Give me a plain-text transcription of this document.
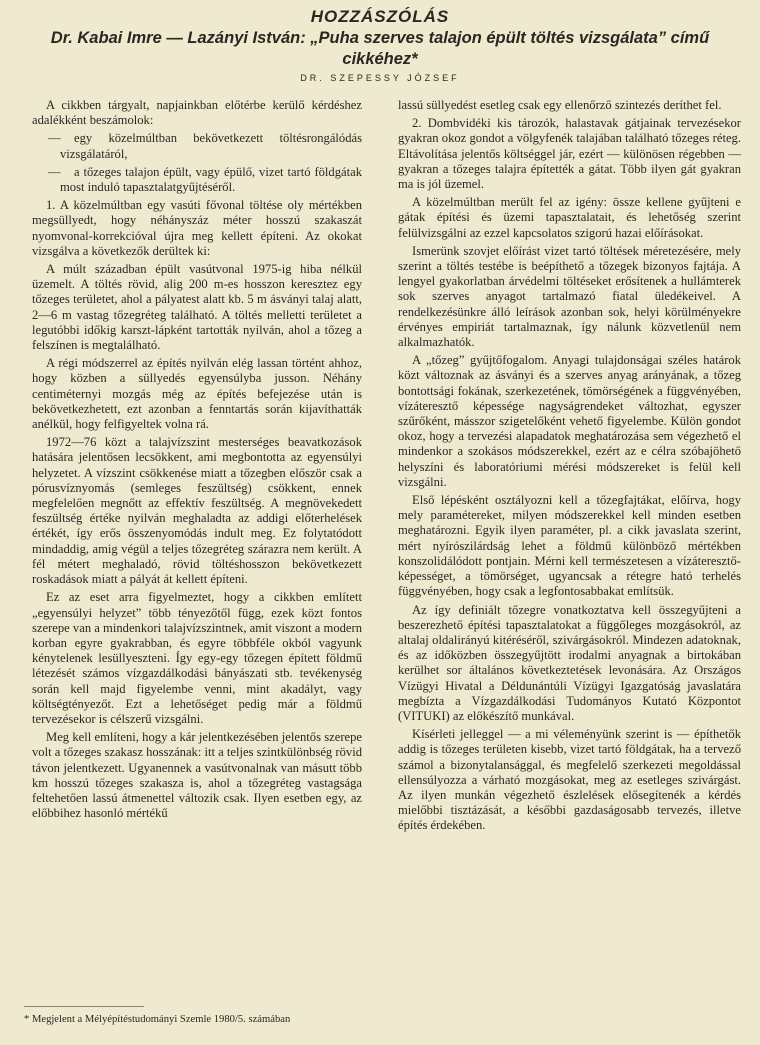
HOZZÁSZÓLÁS

Dr. Kabai Imre — Lazányi István: „Puha szerves talajon épült töltés vizsgálata” című cikkéhez*

DR. SZEPESSY JÓZSEF

A cikkben tárgyalt, napjainkban előtérbe kerülő kérdéshez adalékként beszámolok:

— egy közelmúltban bekövetkezett töltésrongálódás vizsgálatáról,

— a tőzeges talajon épült, vagy épülő, vizet tartó földgátak most induló tapasztalatgyűjtéséről.

1. A közelmúltban egy vasúti fővonal töltése oly mértékben megsüllyedt, hogy néhányszáz méter hosszú szakaszát nyomvonal-korrekcióval újra meg kellett építeni. Az okokat vizsgálva a következők derültek ki:

A múlt században épült vasútvonal 1975-ig hiba nélkül üzemelt. A töltés rövid, alig 200 m-es hosszon keresztez egy tőzeges területet, ahol a pályatest alatt kb. 5 m ásványi talaj alatt, 2—6 m vastag tőzegréteg található. A töltés melletti területet a legutóbbi időkig karszt-lápként tartották nyilván, ahol a tőzeg a felszínen is megtalálható.

A régi módszerrel az építés nyilván elég lassan történt ahhoz, hogy közben a süllyedés egyensúlyba jusson. Néhány centiméternyi mozgás még az építés befejezése után is bekövetkezhetett, ezt azonban a fenntartás során kijavíthatták anélkül, hogy felfigyeltek volna rá.

1972—76 közt a talajvízszint mesterséges beavatkozások hatására jelentősen lecsökkent, ami megbontotta az egyensúlyi helyzetet. A vízszint csökkenése miatt a tőzegben először csak a pórusvíznyomás (semleges feszültség) csökkent, ennek megfelelően megnőtt az effektív feszültség. A megnövekedett feszültség értéke nyilván meghaladta az addigi előterhelések értékét, így erős összenyomódás indult meg. Ez folytatódott mindaddig, amig végül a teljes tőzegréteg szárazra nem került. A fél métert meghaladó, rövid töltéshosszon bekövetkezett roskadások miatt a pályát át kellett építeni.

Ez az eset arra figyelmeztet, hogy a cikkben említett „egyensúlyi helyzet” több tényezőtől függ, ezek közt fontos szerepe van a mindenkori talajvízszintnek, amit viszont a modern korban egyre gyakrabban, és egyre többféle okból vagyunk kénytelenek lesüllyeszteni. Így egy-egy tőzegen épített földmű létezését számos vízgazdálkodási bányászati stb. tevékenység során kell majd figyelembe venni, mint akadályt, vagy költségtényezőt. Ezt a lehetőséget pedig már a földmű tervezésekor is célszerű vizsgálni.

Meg kell említeni, hogy a kár jelentkezésében jelentős szerepe volt a tőzeges szakasz hosszának: itt a teljes szintkülönbség rövid távon jelentkezett. Ugyanennek a vasútvonalnak van másutt több km hosszú tőzeges szakasza is, ahol a tőzegréteg vastagsága feltehetően lassú átmenettel változik csak. Ilyen esetben egy, az előbbihez hasonló mértékű

* Megjelent a Mélyépítéstudományi Szemle 1980/5. számában

lassú süllyedést esetleg csak egy ellenőrző szintezés deríthet fel.

2. Dombvidéki kis tározók, halastavak gátjainak tervezésekor gyakran okoz gondot a völgyfenék talajában található tőzeges réteg. Eltávolítása jelentős költséggel jár, ezért — különösen régebben — gyakran a tőzeges talajra építették a gátat. Több ilyen gát gyakran ma is jól üzemel.

A közelmúltban merült fel az igény: össze kellene gyűjteni e gátak építési és üzemi tapasztalatait, és lehetőség szerint felülvizsgálni az ezzel kapcsolatos szigorú hazai előírásokat.

Ismerünk szovjet előírást vizet tartó töltések méretezésére, mely szerint a töltés testébe is beépíthető a tőzegek bizonyos fajtája. A lengyel gyakorlatban árvédelmi töltéseket erősítenek a hullámterek sok szerves anyagot tartalmazó fiatal üledékeivel. A rendelkezésünkre álló leírások azonban sok, helyi körülményekre érvényes empiriát tartalmaznak, így nálunk közvetlenül nem alkalmazhatók.

A „tőzeg” gyűjtőfogalom. Anyagi tulajdonságai széles határok közt változnak az ásványi és a szerves anyag arányának, a tőzeg bontottsági fokának, szerkezetének, tömörségének a függvényében, vízáteresztő képessége nagyságrendeket változhat, egyszer szűrőként, másszor szigetelőként vehető figyelembe. Külön gondot okoz, hogy a tervezési alapadatok meghatározása sem végezhető el mindenkor a szokásos módszerekkel, ezért az e célra szóbajöhető helyszíni és laboratóriumi mérési módszereket is felül kell vizsgálni.

Első lépésként osztályozni kell a tőzegfajtákat, előírva, hogy mely paramétereket, milyen módszerekkel kell minden esetben meghatározni. Egyik ilyen paraméter, pl. a cikk javaslata szerint, mért nyírószilárdság lehet a földmű különböző mértékben konszolidálódott pontjain. Mérni kell természetesen a vízáteresztő-képességet, a tömörséget, ugyancsak a rétegre ható terhelés függvényében, hogy csak a legfontosabbakat említsük.

Az így definiált tőzegre vonatkoztatva kell összegyűjteni a beszerezhető építési tapasztalatokat a függőleges mozgásokról, az altalaj oldalirányú kitéréséről, szivárgásokról. Mindezen adatoknak, és az időközben összegyűjtött irodalmi anyagnak a birtokában kerülhet sor általános következtetések levonására. Az Országos Vízügyi Hivatal a Déldunántúli Vízügyi Igazgatóság javaslatára megbízta a Vízgazdálkodási Tudományos Kutató Központot (VITUKI) az előkészítő munkával.

Kísérleti jelleggel — a mi véleményünk szerint is — építhetők addig is tőzeges területen kisebb, vizet tartó földgátak, ha a tervező számol a bizonytalansággal, és megfelelő szerkezeti megoldással ellensúlyozza a várható mozgásokat, meg az esetleges szivárgást. Az ilyen munkán végezhető észlelések elősegítenék a kérdés mielőbbi tisztázását, a későbbi gazdaságosabb tervezés, illetve építés érdekében.
